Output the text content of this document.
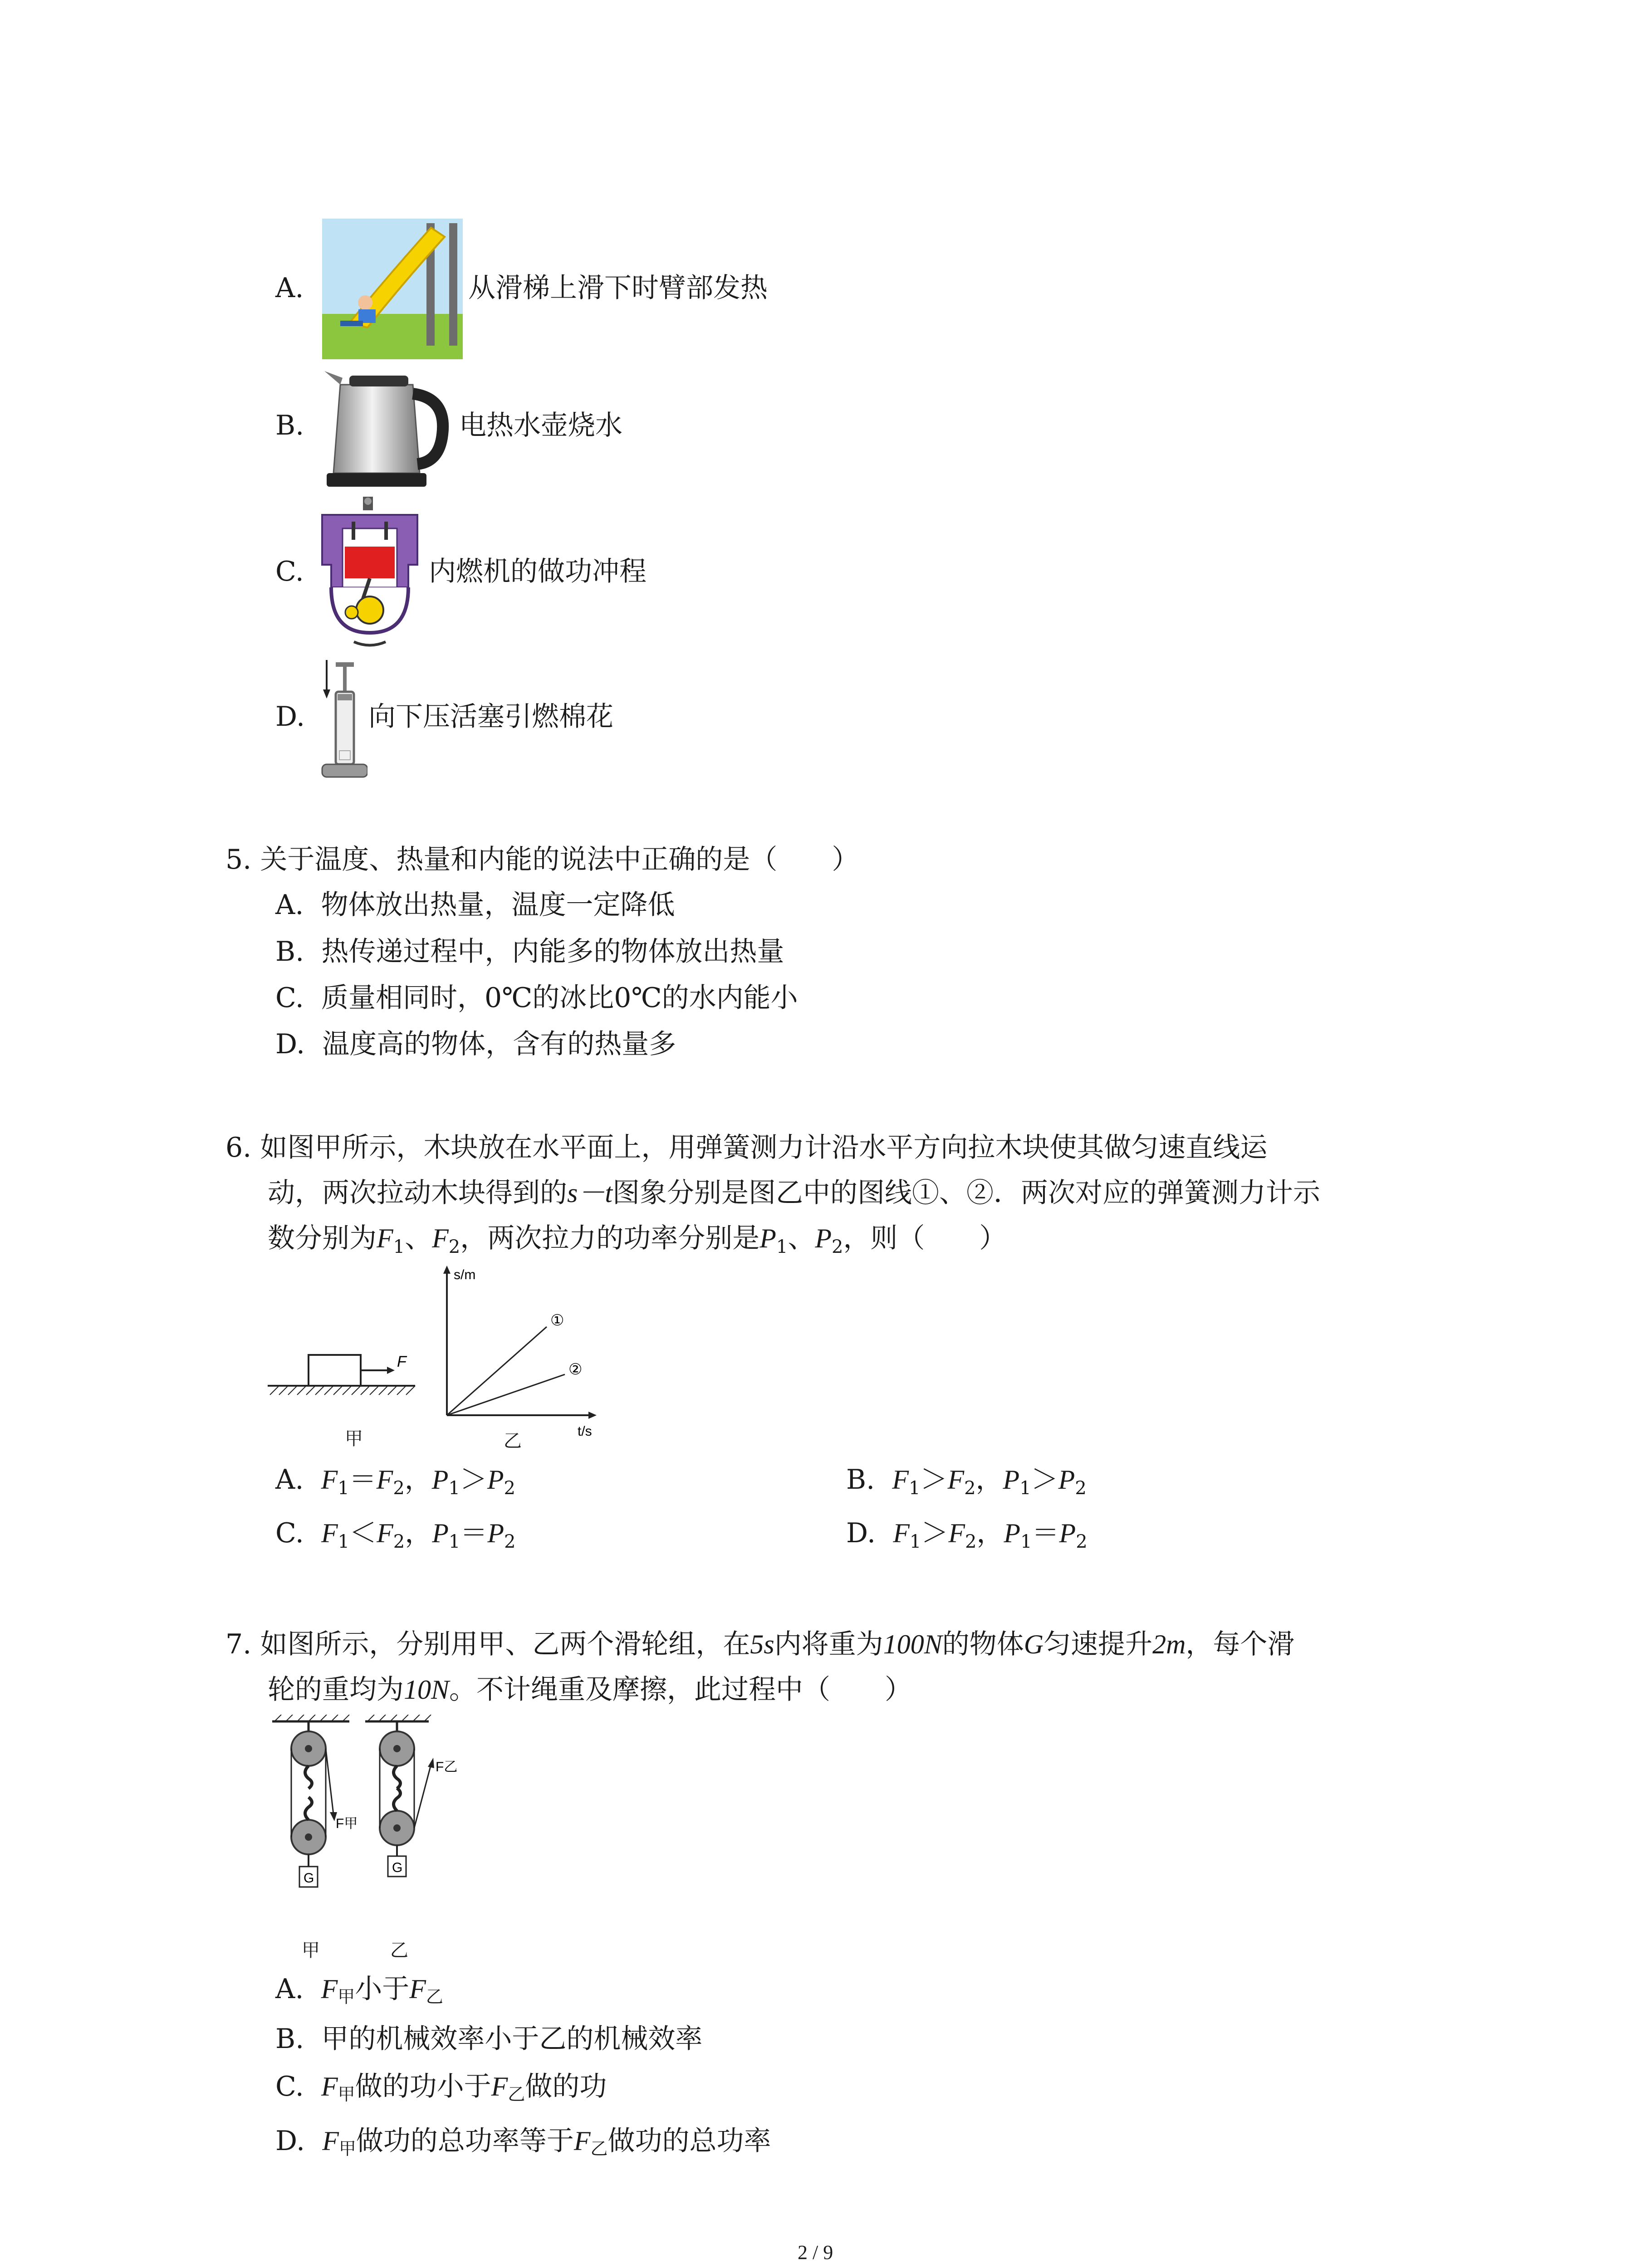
A.	从滑梯上滑下时臂部发热
B.	电热水壶烧水
C.	内燃机的做功冲程
D. 向下压活塞引燃棉花
5. 关于温度、热量和内能的说法中正确的是（　　）
A. 物体放出热量，温度一定降低
B. 热传递过程中，内能多的物体放出热量
C. 质量相同时，0℃的冰比0℃的水内能小
D. 温度高的物体，含有的热量多
6. 如图甲所示，木块放在水平面上，用弹簧测力计沿水平方向拉木块使其做匀速直线运
动，两次拉动木块得到的s－t图象分别是图乙中的图线①、②．两次对应的弹簧测力计示
数分别为$F_1$、$F_2$，两次拉力的功率分别是$P_1$、$P_2$，则（　　）
F
甲
s/m
t/s
①
②
乙
A. $F_1=F_2$，$P_1>P_2$	B. $F_1>F_2$，$P_1>P_2$
C. $F_1<F_2$，$P_1=P_2$	D. $F_1>F_2$，$P_1=P_2$
7. 如图所示，分别用甲、乙两个滑轮组，在5s内将重为100N的物体G匀速提升2m，每个滑
轮的重均为10N。不计绳重及摩擦，此过程中（　　）
F甲
G
F乙
G
甲	乙
A. F甲小于F乙
B. 甲的机械效率小于乙的机械效率
C. F甲做的功小于F乙做的功
D. F甲做功的总功率等于F乙做功的总功率
2 / 9
